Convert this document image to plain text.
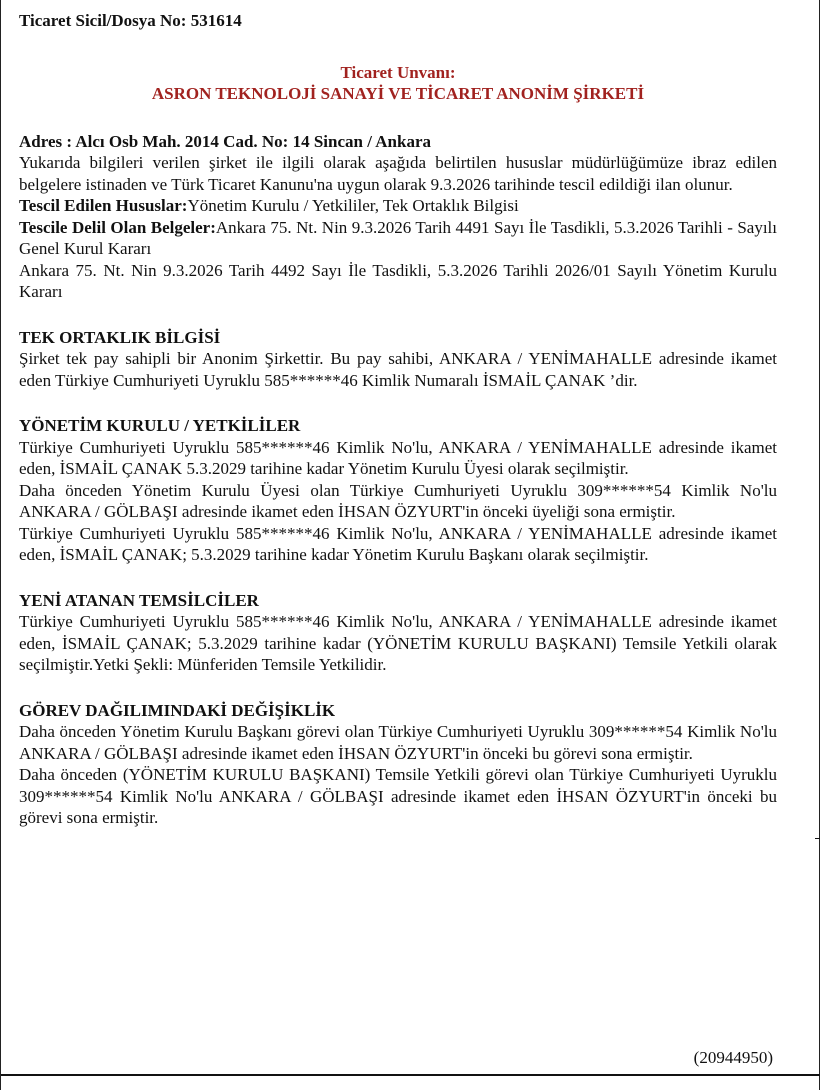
Ticaret Sicil/Dosya No: 531614
Ticaret Unvanı:
ASRON TEKNOLOJİ SANAYİ VE TİCARET ANONİM ŞİRKETİ
Adres : Alcı Osb Mah. 2014 Cad. No: 14 Sincan / Ankara

Yukarıda bilgileri verilen şirket ile ilgili olarak aşağıda belirtilen hususlar müdürlüğümüze ibraz edilen belgelere istinaden ve Türk Ticaret Kanunu'na uygun olarak 9.3.2026 tarihinde tescil edildiği ilan olunur.

Tescil Edilen Hususlar:Yönetim Kurulu / Yetkililer, Tek Ortaklık Bilgisi

Tescile Delil Olan Belgeler:Ankara 75. Nt. Nin 9.3.2026 Tarih 4491 Sayı İle Tasdikli, 5.3.2026 Tarihli - Sayılı Genel Kurul Kararı

Ankara 75. Nt. Nin 9.3.2026 Tarih 4492 Sayı İle Tasdikli, 5.3.2026 Tarihli 2026/01 Sayılı Yönetim Kurulu Kararı

TEK ORTAKLIK BİLGİSİ

Şirket tek pay sahipli bir Anonim Şirkettir. Bu pay sahibi, ANKARA / YENİMAHALLE adresinde ikamet eden Türkiye Cumhuriyeti Uyruklu 585******46 Kimlik Numaralı İSMAİL ÇANAK ’dir.

YÖNETİM KURULU / YETKİLİLER

Türkiye Cumhuriyeti Uyruklu 585******46 Kimlik No'lu, ANKARA / YENİMAHALLE adresinde ikamet eden, İSMAİL ÇANAK 5.3.2029 tarihine kadar Yönetim Kurulu Üyesi olarak seçilmiştir.

Daha önceden Yönetim Kurulu Üyesi olan Türkiye Cumhuriyeti Uyruklu 309******54 Kimlik No'lu ANKARA / GÖLBAŞI adresinde ikamet eden İHSAN ÖZYURT'in önceki üyeliği sona ermiştir.

Türkiye Cumhuriyeti Uyruklu 585******46 Kimlik No'lu, ANKARA / YENİMAHALLE adresinde ikamet eden, İSMAİL ÇANAK; 5.3.2029 tarihine kadar Yönetim Kurulu Başkanı olarak seçilmiştir.

YENİ ATANAN TEMSİLCİLER

Türkiye Cumhuriyeti Uyruklu 585******46 Kimlik No'lu, ANKARA / YENİMAHALLE adresinde ikamet eden, İSMAİL ÇANAK; 5.3.2029 tarihine kadar (YÖNETİM KURULU BAŞKANI) Temsile Yetkili olarak seçilmiştir.Yetki Şekli: Münferiden Temsile Yetkilidir.

GÖREV DAĞILIMINDAKİ DEĞİŞİKLİK

Daha önceden Yönetim Kurulu Başkanı görevi olan Türkiye Cumhuriyeti Uyruklu 309******54 Kimlik No'lu ANKARA / GÖLBAŞI adresinde ikamet eden İHSAN ÖZYURT'in önceki bu görevi sona ermiştir.

Daha önceden (YÖNETİM KURULU BAŞKANI) Temsile Yetkili görevi olan Türkiye Cumhuriyeti Uyruklu 309******54 Kimlik No'lu ANKARA / GÖLBAŞI adresinde ikamet eden İHSAN ÖZYURT'in önceki bu görevi sona ermiştir.

(20944950)
